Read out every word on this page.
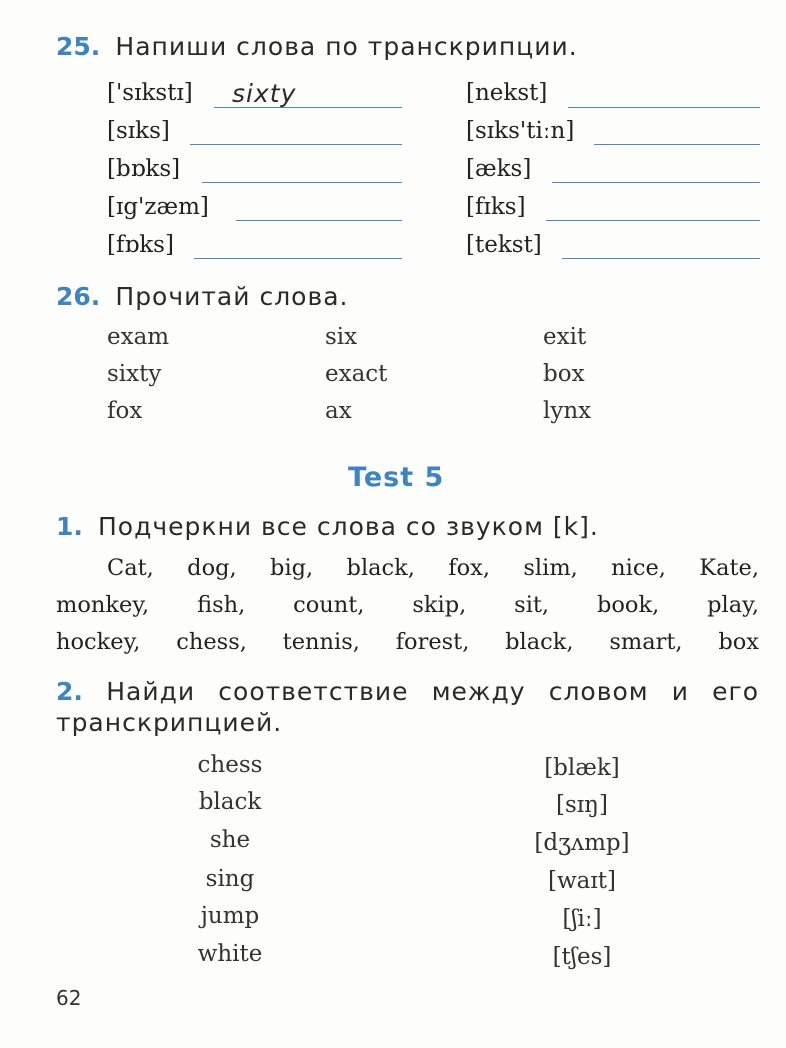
25. Напиши слова по транскрипции.
['sɪkstɪ] sixty
[sɪks]
[bɒks]
[ɪg'zæm]
[fɒks]
[nekst]
[sɪks'tiːn]
[æks]
[fɪks]
[tekst]
26. Прочитай слова.
exam
sixty
fox
six
exact
ax
exit
box
lynx
Test 5
1. Подчеркни все слова со звуком [k].
Cat, dog, big, black, fox, slim, nice, Kate,
monkey, fish, count, skip, sit, book, play,
hockey, chess, tennis, forest, black, smart, box
2. Найди соответствие между словом и его
транскрипцией.
chess
black
she
sing
jump
white
[blæk]
[sɪŋ]
[dʒʌmp]
[waɪt]
[ʃiː]
[tʃes]
62
